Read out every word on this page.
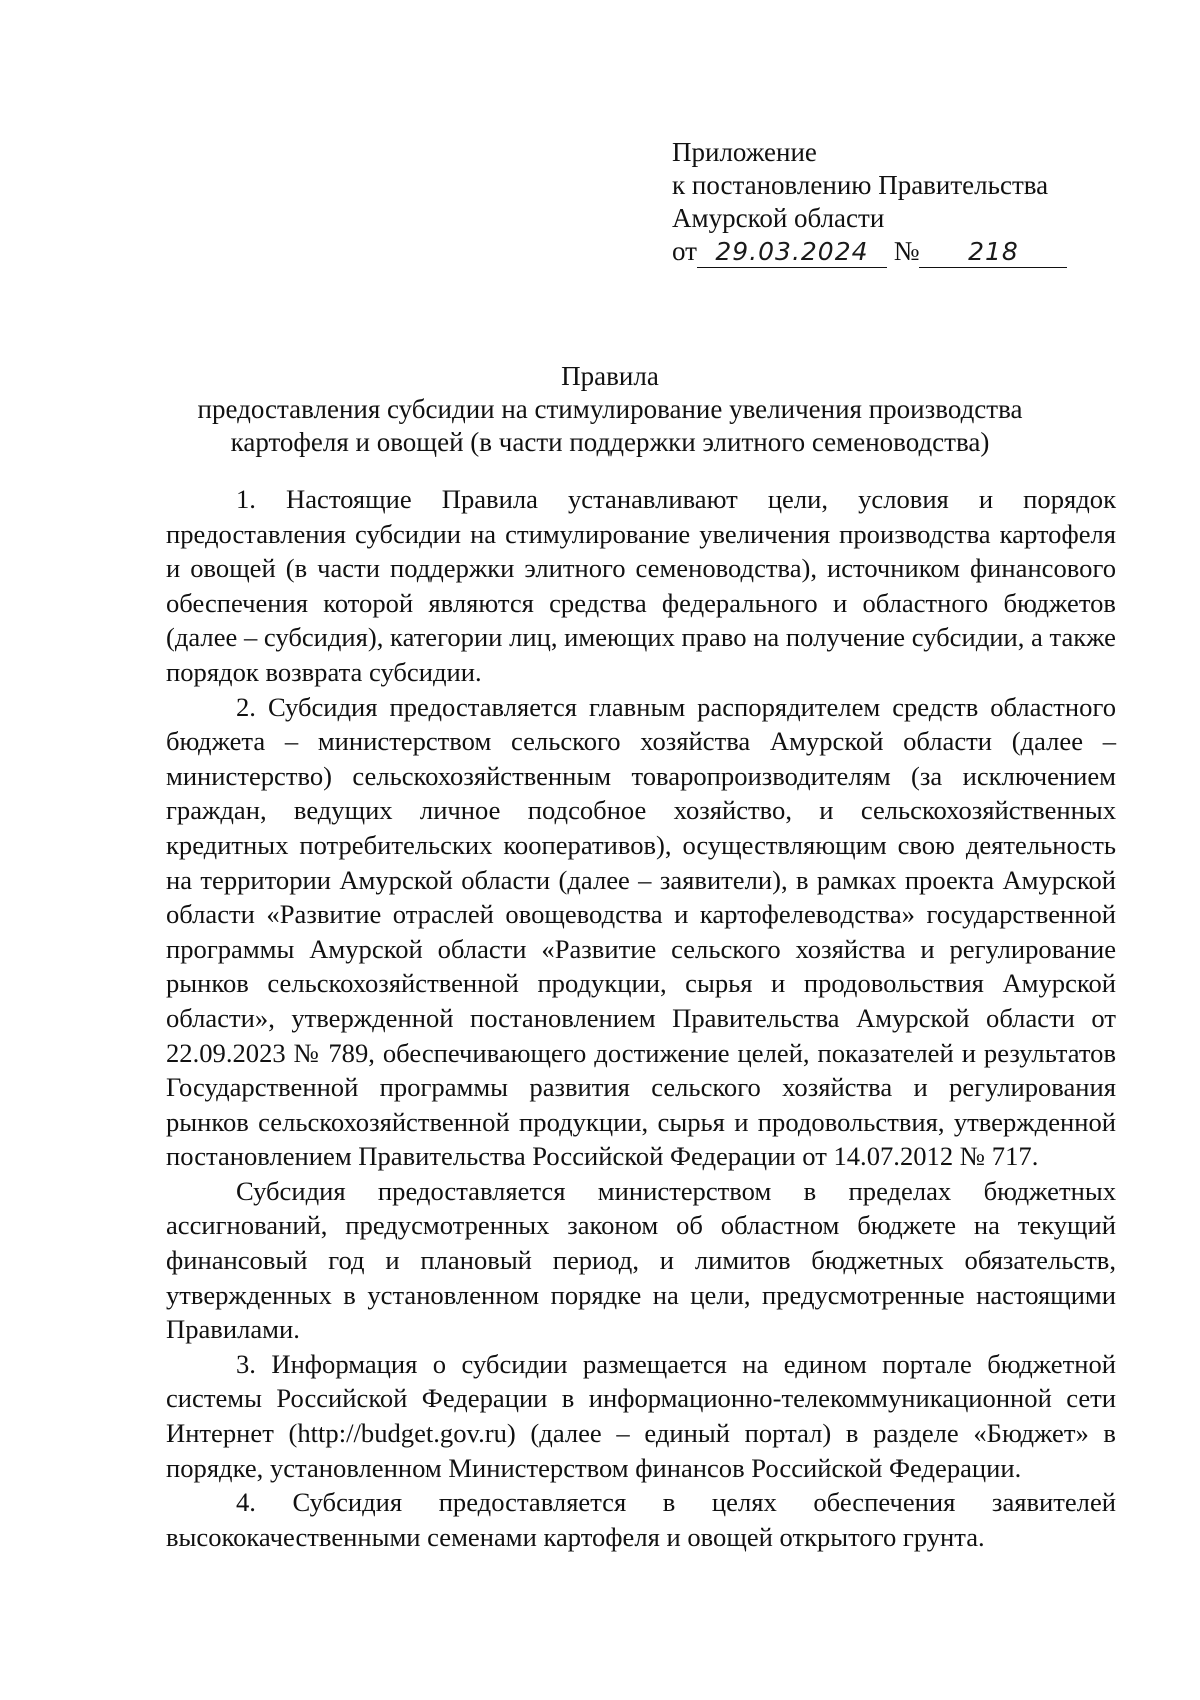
Приложение
к постановлению Правительства
Амурской области
от 29.03.2024 № 218
Правила
предоставления субсидии на стимулирование увеличения производства
картофеля и овощей (в части поддержки элитного семеноводства)

1. Настоящие Правила устанавливают цели, условия и порядок предоставления субсидии на стимулирование увеличения производства картофеля и овощей (в части поддержки элитного семеноводства), источником финансового обеспечения которой являются средства федерального и областного бюджетов (далее – субсидия), категории лиц, имеющих право на получение субсидии, а также порядок возврата субсидии.

2. Субсидия предоставляется главным распорядителем средств областного бюджета – министерством сельского хозяйства Амурской области (далее – министерство) сельскохозяйственным товаропроизводителям (за исключением граждан, ведущих личное подсобное хозяйство, и сельскохозяйственных кредитных потребительских кооперативов), осуществляющим свою деятельность на территории Амурской области (далее – заявители), в рамках проекта Амурской области «Развитие отраслей овощеводства и картофелеводства» государственной программы Амурской области «Развитие сельского хозяйства и регулирование рынков сельскохозяйственной продукции, сырья и продовольствия Амурской области», утвержденной постановлением Правительства Амурской области от 22.09.2023 № 789, обеспечивающего достижение целей, показателей и результатов Государственной программы развития сельского хозяйства и регулирования рынков сельскохозяйственной продукции, сырья и продовольствия, утвержденной постановлением Правительства Российской Федерации от 14.07.2012 № 717.

Субсидия предоставляется министерством в пределах бюджетных ассигнований, предусмотренных законом об областном бюджете на текущий финансовый год и плановый период, и лимитов бюджетных обязательств, утвержденных в установленном порядке на цели, предусмотренные настоящими Правилами.

3. Информация о субсидии размещается на едином портале бюджетной системы Российской Федерации в информационно-телекоммуникационной сети Интернет (http://budget.gov.ru) (далее – единый портал) в разделе «Бюджет» в порядке, установленном Министерством финансов Российской Федерации.

4. Субсидия предоставляется в целях обеспечения заявителей высококачественными семенами картофеля и овощей открытого грунта.
